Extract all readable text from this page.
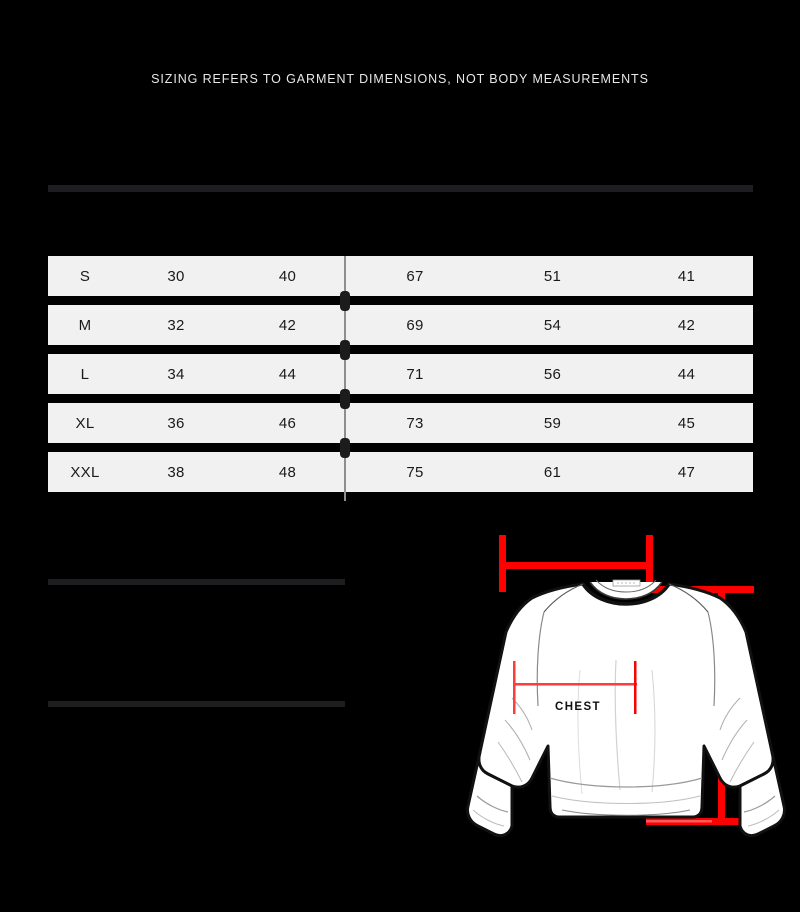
SIZING REFERS TO GARMENT DIMENSIONS, NOT BODY MEASUREMENTS
S	30	40	67	51	41
M	32	42	69	54	42
L	34	44	71	56	44
XL	36	46	73	59	45
XXL	38	48	75	61	47
CHEST
